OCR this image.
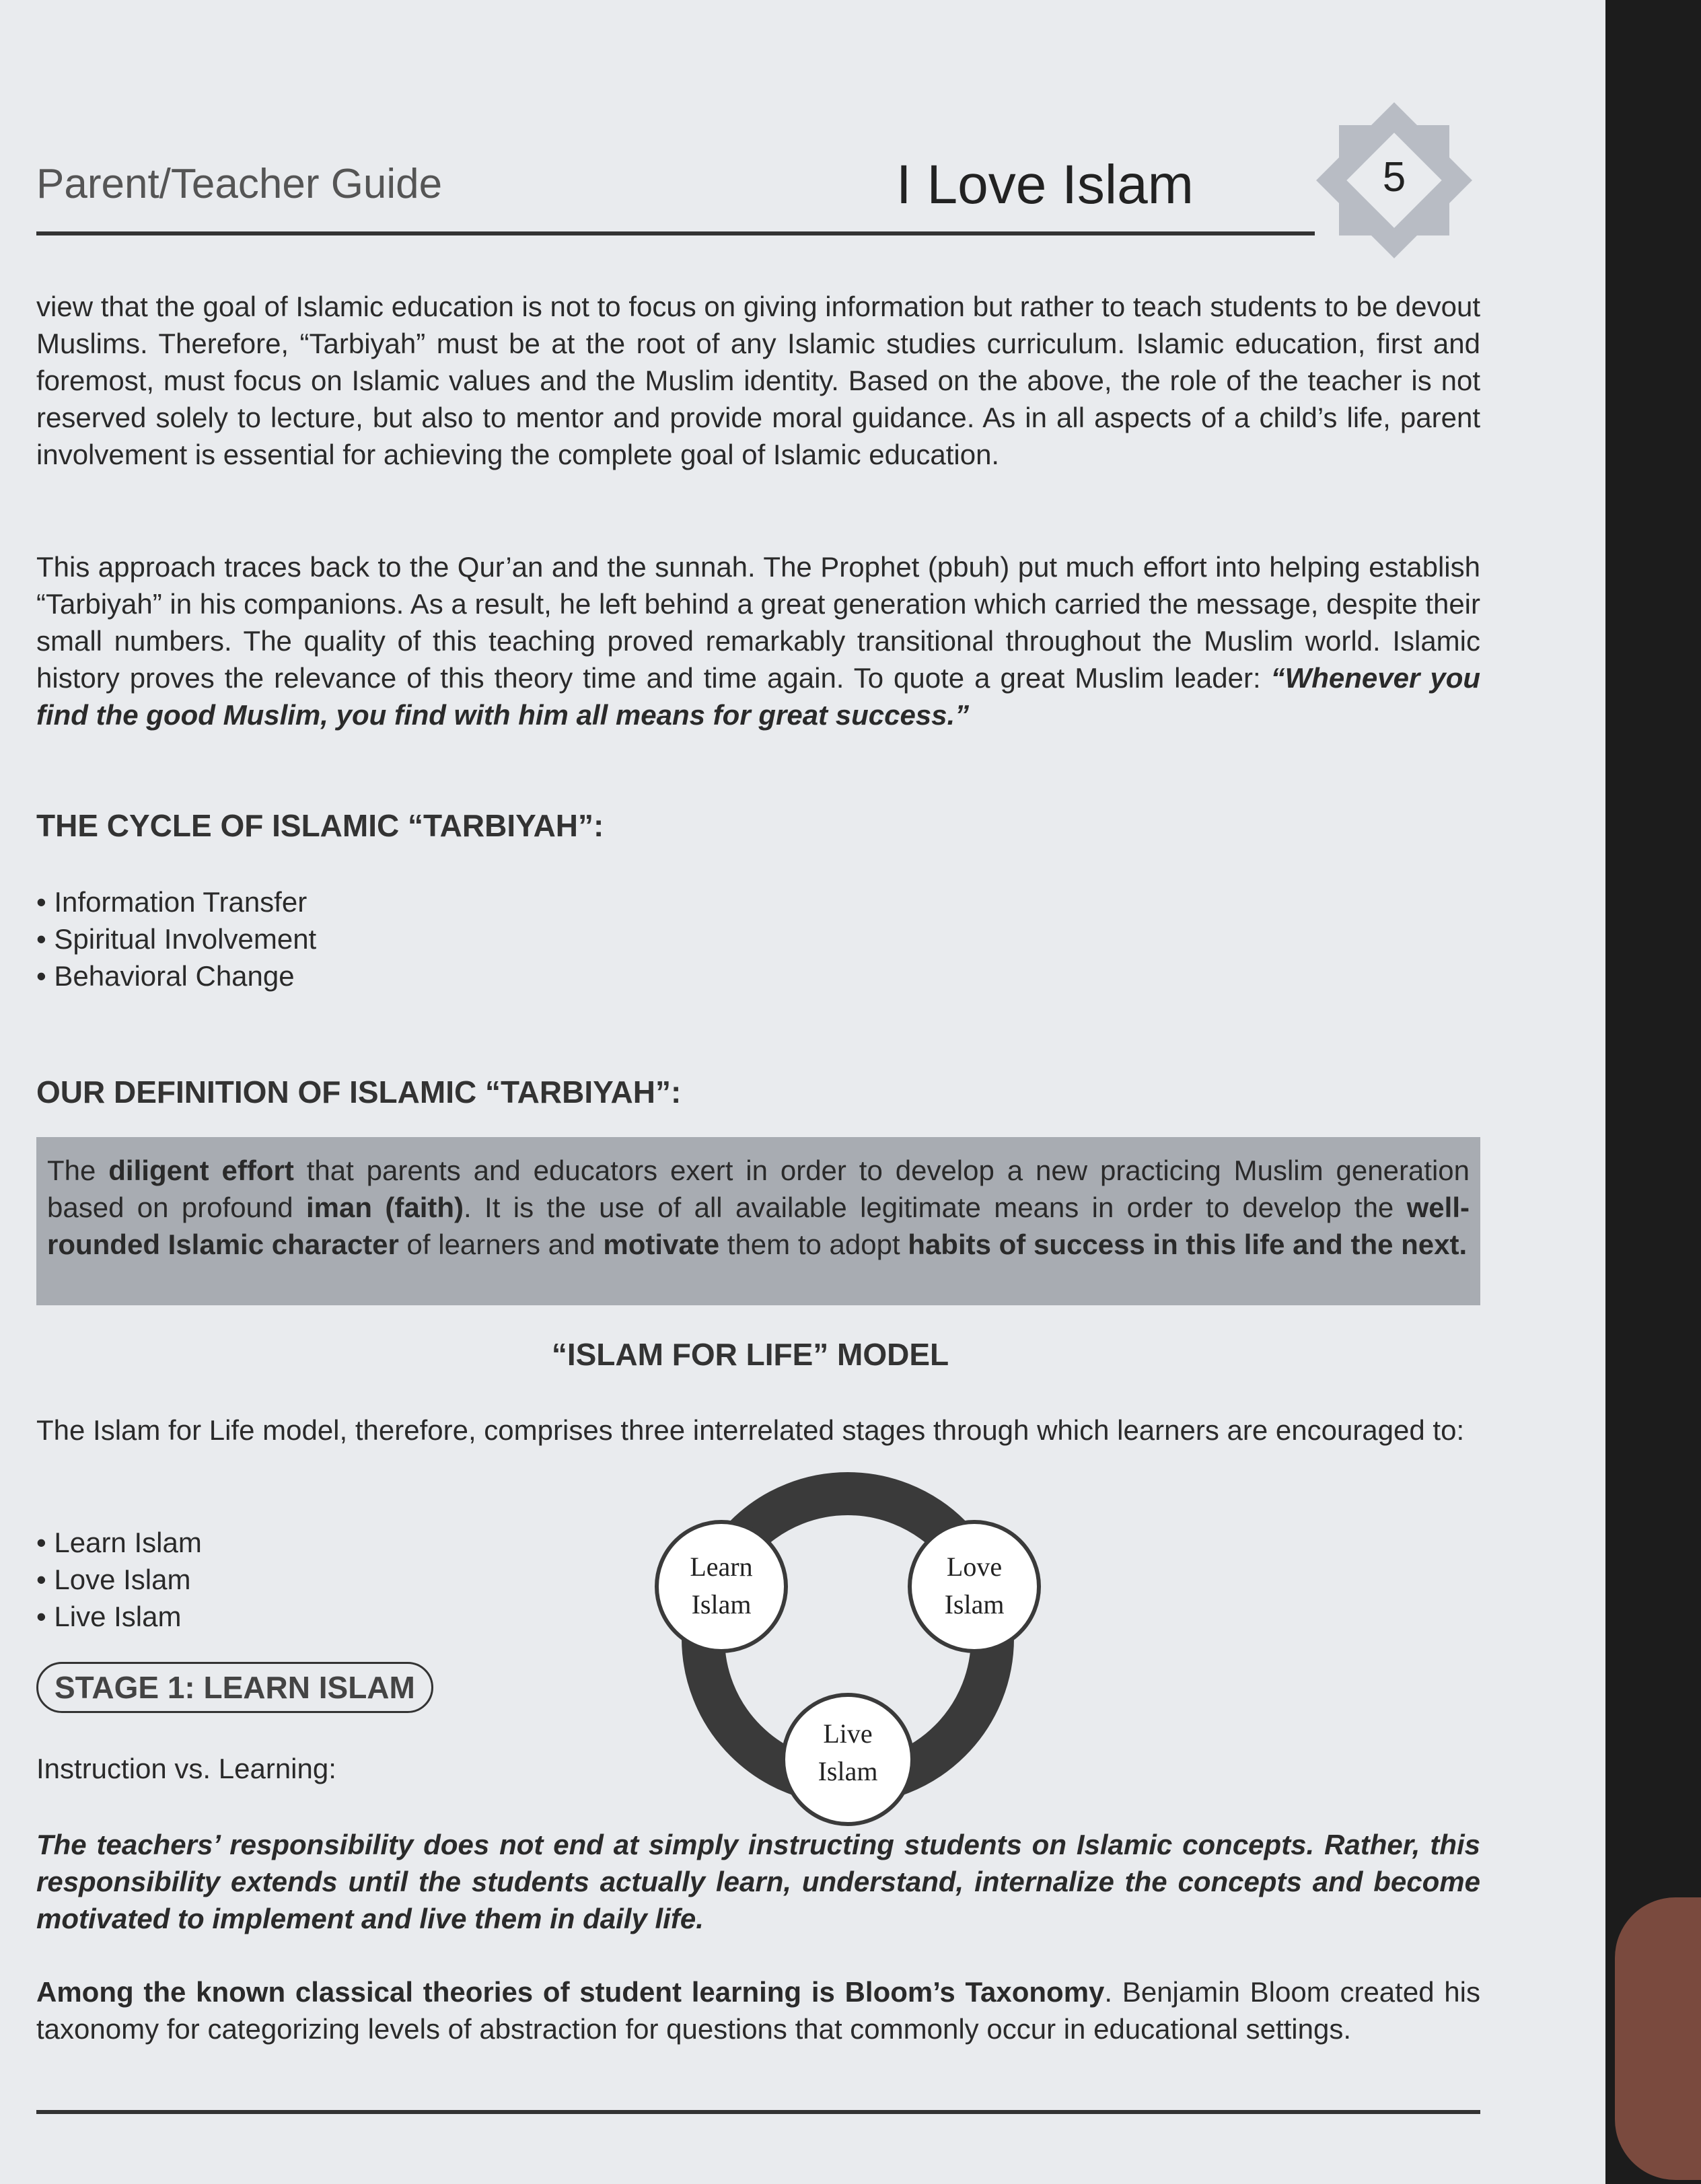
Parent/Teacher Guide	I Love Islam	5

view that the goal of Islamic education is not to focus on giving information but rather to teach students to be devout Muslims. Therefore, “Tarbiyah” must be at the root of any Islamic studies curriculum. Islamic education, first and foremost, must focus on Islamic values and the Muslim identity. Based on the above, the role of the teacher is not reserved solely to lecture, but also to mentor and provide moral guidance. As in all aspects of a child’s life, parent involvement is essential for achieving the complete goal of Islamic education.

This approach traces back to the Qur’an and the sunnah. The Prophet (pbuh) put much effort into helping establish “Tarbiyah” in his companions. As a result, he left behind a great generation which carried the message, despite their small numbers. The quality of this teaching proved remarkably transitional throughout the Muslim world. Islamic history proves the relevance of this theory time and time again. To quote a great Muslim leader: “Whenever you find the good Muslim, you find with him all means for great success.”

THE CYCLE OF ISLAMIC “TARBIYAH”:
• Information Transfer
• Spiritual Involvement
• Behavioral Change
OUR DEFINITION OF ISLAMIC “TARBIYAH”:
The diligent effort that parents and educators exert in order to develop a new practicing Muslim generation based on profound iman (faith). It is the use of all available legitimate means in order to develop the well-rounded Islamic character of learners and motivate them to adopt habits of success in this life and the next.
“ISLAM FOR LIFE” MODEL

The Islam for Life model, therefore, comprises three interrelated stages through which learners are encouraged to:

• Learn Islam
• Love Islam
• Live Islam
Learn
Islam
Love
Islam
Live
Islam
STAGE 1: LEARN ISLAM
Instruction vs. Learning:

The teachers’ responsibility does not end at simply instructing students on Islamic concepts. Rather, this responsibility extends until the students actually learn, understand, internalize the concepts and become motivated to implement and live them in daily life.

Among the known classical theories of student learning is Bloom’s Taxonomy. Benjamin Bloom created his taxonomy for categorizing levels of abstraction for questions that commonly occur in educational settings.
